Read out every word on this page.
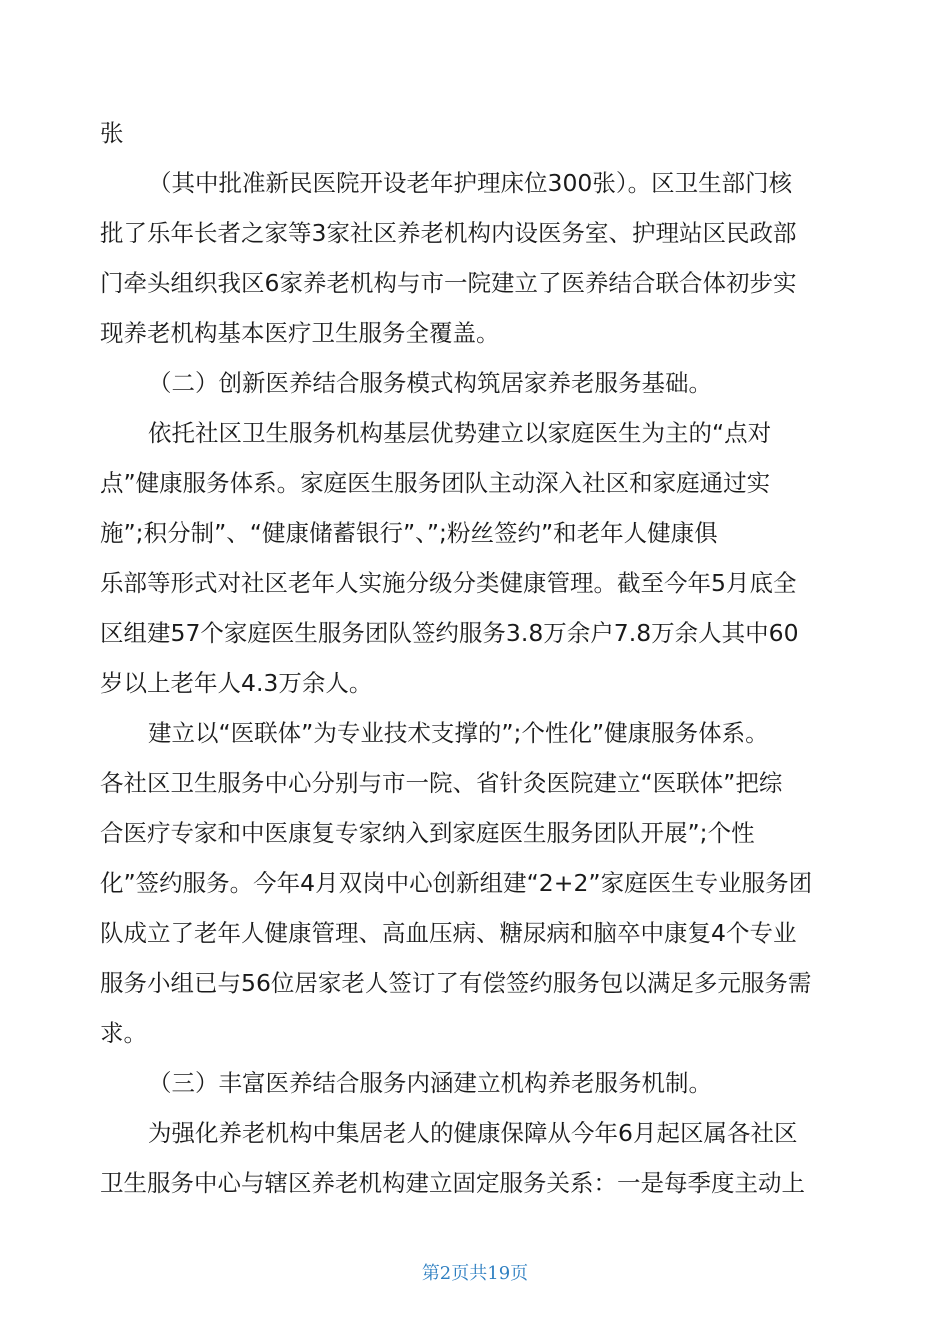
张
（其中批准新民医院开设老年护理床位300张）。区卫生部门核
批了乐年长者之家等3家社区养老机构内设医务室、护理站区民政部
门牵头组织我区6家养老机构与市一院建立了医养结合联合体初步实
现养老机构基本医疗卫生服务全覆盖。
（二）创新医养结合服务模式构筑居家养老服务基础。
依托社区卫生服务机构基层优势建立以家庭医生为主的“点对
点”健康服务体系。家庭医生服务团队主动深入社区和家庭通过实
施”;积分制”、“健康储蓄银行”、”;粉丝签约”和老年人健康俱
乐部等形式对社区老年人实施分级分类健康管理。截至今年5月底全
区组建57个家庭医生服务团队签约服务3.8万余户7.8万余人其中60
岁以上老年人4.3万余人。
建立以“医联体”为专业技术支撑的”;个性化”健康服务体系。
各社区卫生服务中心分别与市一院、省针灸医院建立“医联体”把综
合医疗专家和中医康复专家纳入到家庭医生服务团队开展”;个性
化”签约服务。今年4月双岗中心创新组建“2+2”家庭医生专业服务团
队成立了老年人健康管理、高血压病、糖尿病和脑卒中康复4个专业
服务小组已与56位居家老人签订了有偿签约服务包以满足多元服务需
求。
（三）丰富医养结合服务内涵建立机构养老服务机制。
为强化养老机构中集居老人的健康保障从今年6月起区属各社区
卫生服务中心与辖区养老机构建立固定服务关系：一是每季度主动上
第2页共19页
